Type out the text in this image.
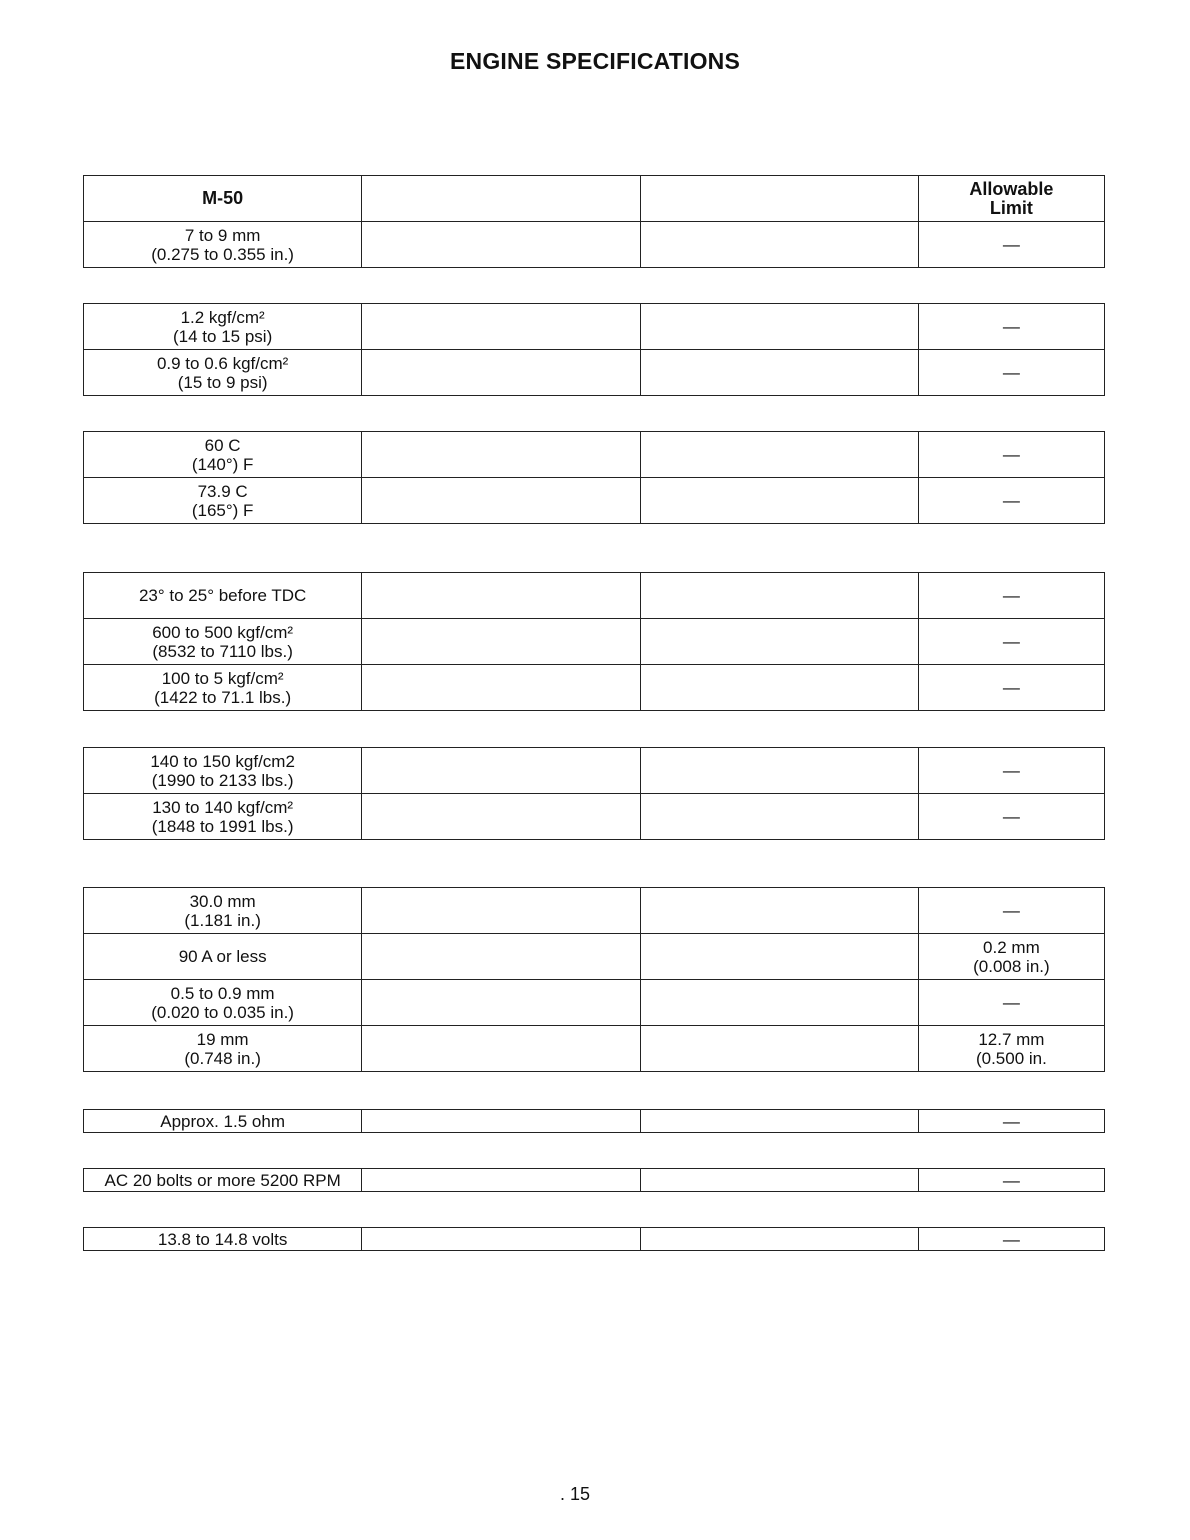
ENGINE SPECIFICATIONS
M-50			Allowable
Limit

7 to 9 mm
(0.275 to 0.355 in.)			—
1.2 kgf/cm²
(14 to 15 psi)			—

0.9 to 0.6 kgf/cm²
(15 to 9 psi)			—
60 C
(140°) F			—

73.9 C
(165°) F			—
23° to 25° before TDC			—

600 to 500 kgf/cm²
(8532 to 7110 lbs.)			—

100 to 5 kgf/cm²
(1422 to 71.1 lbs.)			—
140 to 150 kgf/cm2
(1990 to 2133 lbs.)			—

130 to 140 kgf/cm²
(1848 to 1991 lbs.)			—
30.0 mm
(1.181 in.)			—

90 A or less			0.2 mm
(0.008 in.)

0.5 to 0.9 mm
(0.020 to 0.035 in.)			—

19 mm
(0.748 in.)			12.7 mm
(0.500 in.
Approx. 1.5 ohm			—
AC 20 bolts or more 5200 RPM			—
13.8 to 14.8 volts			—
. 15
